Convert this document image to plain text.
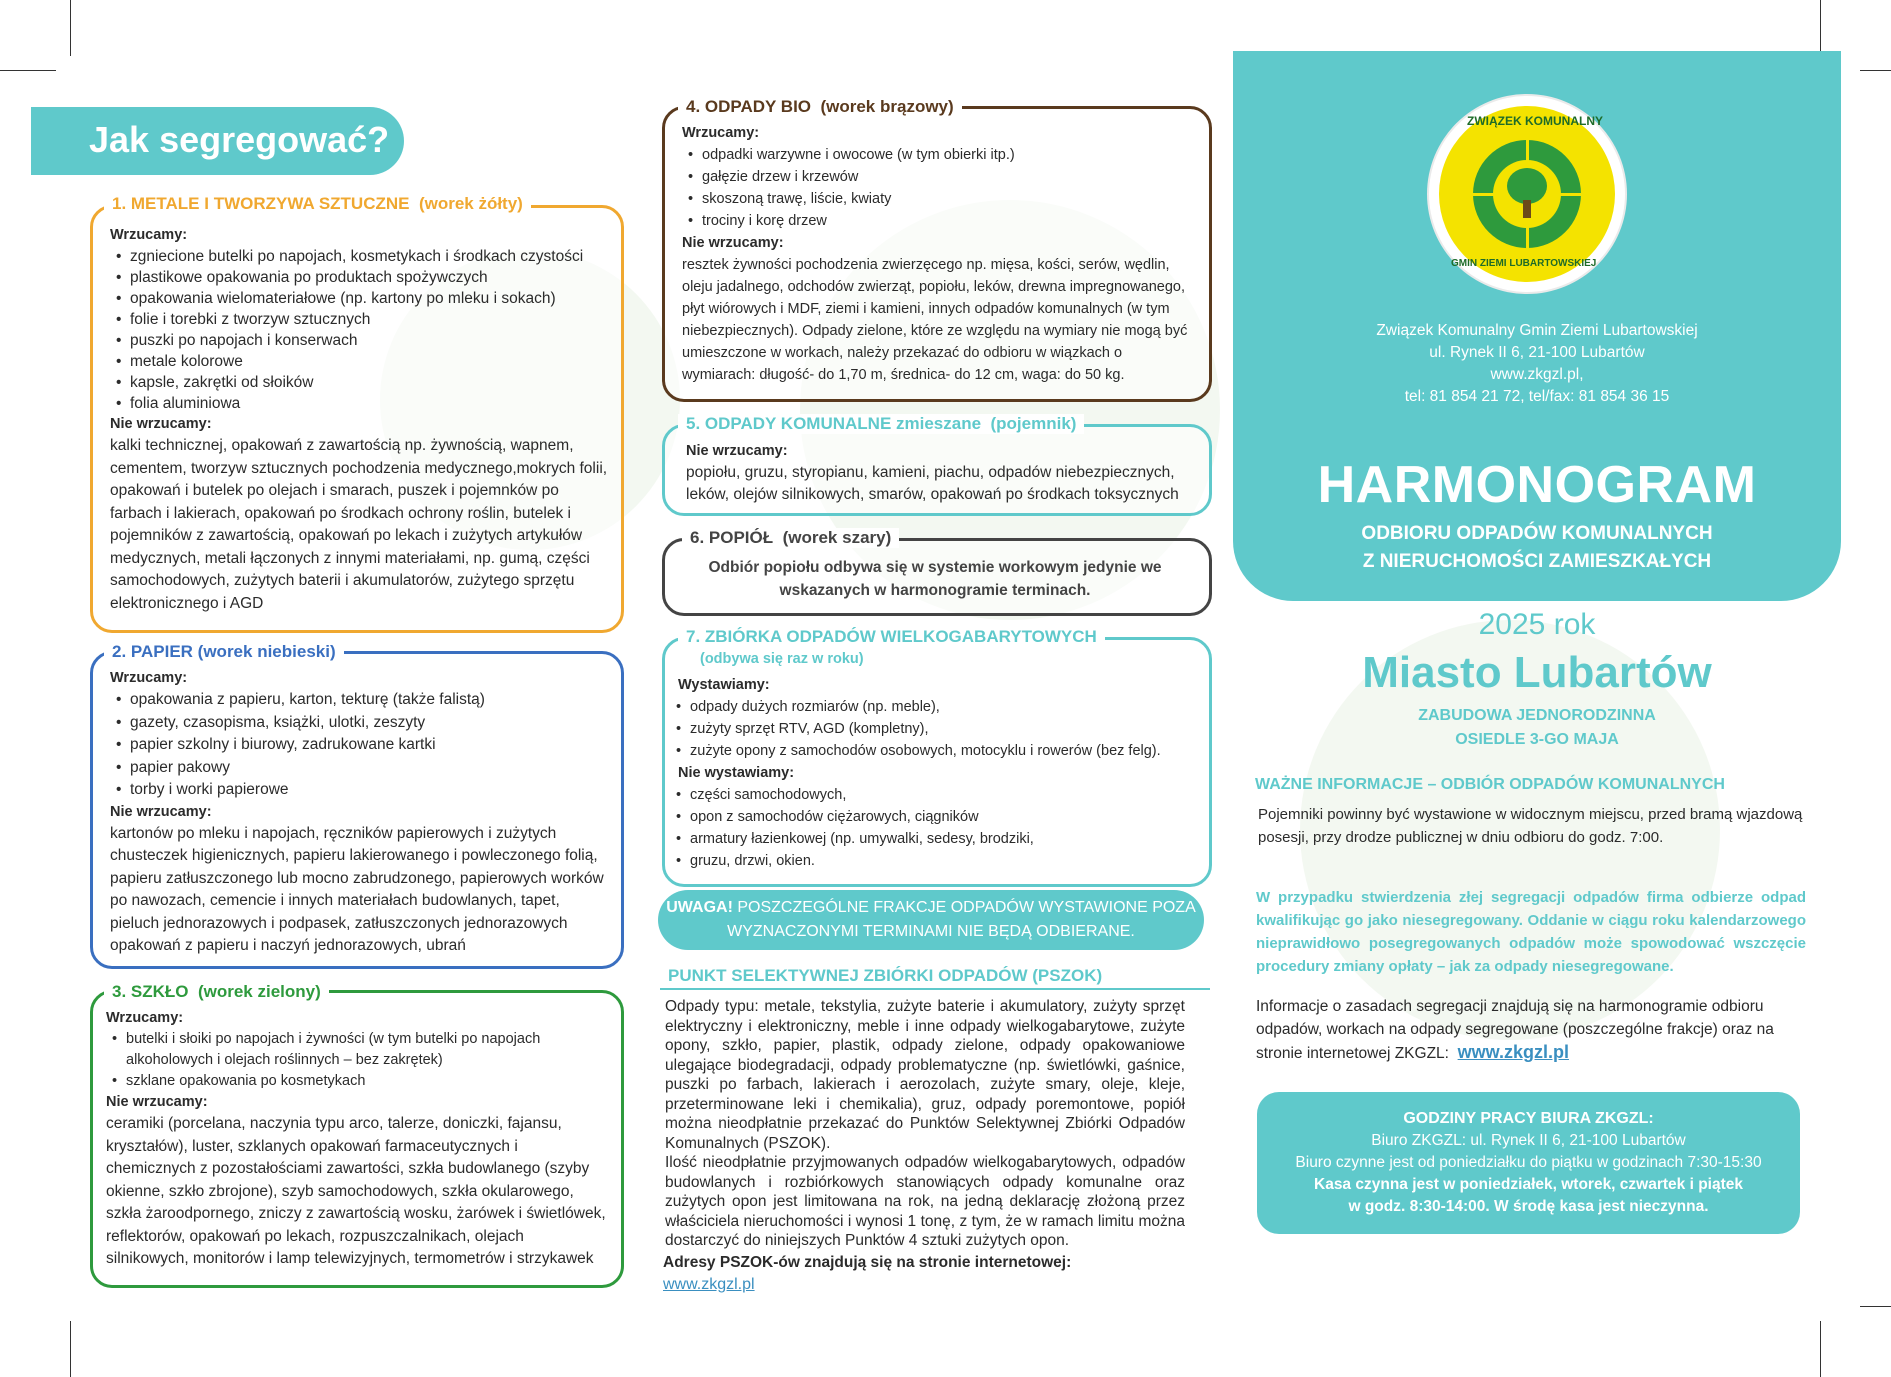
Jak segregować?
1. METALE I TWORZYWA SZTUCZNE (worek żółty)
Wrzucamy:
• zgniecione butelki po napojach, kosmetykach i środkach czystości
• plastikowe opakowania po produktach spożywczych
• opakowania wielomateriałowe (np. kartony po mleku i sokach)
• folie i torebki z tworzyw sztucznych
• puszki po napojach i konserwach
• metale kolorowe
• kapsle, zakrętki od słoików
• folia aluminiowa
Nie wrzucamy:

kalki technicznej, opakowań z zawartością np. żywnością, wapnem, cementem, tworzyw sztucznych pochodzenia medycznego,mokrych folii, opakowań i butelek po olejach i smarach, puszek i pojemnków po farbach i lakierach, opakowań po środkach ochrony roślin, butelek i pojemników z zawartością, opakowań po lekach i zużytych artykułów medycznych, metali łączonych z innymi materiałami, np. gumą, części samochodowych, zużytych baterii i akumulatorów, zużytego sprzętu elektronicznego i AGD

2. PAPIER (worek niebieski)
Wrzucamy:
• opakowania z papieru, karton, tekturę (także falistą)
• gazety, czasopisma, książki, ulotki, zeszyty
• papier szkolny i biurowy, zadrukowane kartki
• papier pakowy
• torby i worki papierowe
Nie wrzucamy:

kartonów po mleku i napojach, ręczników papierowych i zużytych chusteczek higienicznych, papieru lakierowanego i powleczonego folią, papieru zatłuszczonego lub mocno zabrudzonego, papierowych worków po nawozach, cemencie i innych materiałach budowlanych, tapet, pieluch jednorazowych i podpasek, zatłuszczonych jednorazowych opakowań z papieru i naczyń jednorazowych, ubrań

3. SZKŁO (worek zielony)
Wrzucamy:
• butelki i słoiki po napojach i żywności (w tym butelki po napojach alkoholowych i olejach roślinnych – bez zakrętek)
• szklane opakowania po kosmetykach
Nie wrzucamy:

ceramiki (porcelana, naczynia typu arco, talerze, doniczki, fajansu, kryształów), luster, szklanych opakowań farmaceutycznych i chemicznych z pozostałościami zawartości, szkła budowlanego (szyby okienne, szkło zbrojone), szyb samochodowych, szkła okularowego, szkła żaroodpornego, zniczy z zawartością wosku, żarówek i świetlówek, reflektorów, opakowań po lekach, rozpuszczalnikach, olejach silnikowych, monitorów i lamp telewizyjnych, termometrów i strzykawek

4. ODPADY BIO (worek brązowy)
Wrzucamy:
• odpadki warzywne i owocowe (w tym obierki itp.)
• gałęzie drzew i krzewów
• skoszoną trawę, liście, kwiaty
• trociny i korę drzew
Nie wrzucamy:

resztek żywności pochodzenia zwierzęcego np. mięsa, kości, serów, wędlin, oleju jadalnego, odchodów zwierząt, popiołu, leków, drewna impregnowanego, płyt wiórowych i MDF, ziemi i kamieni, innych odpadów komunalnych (w tym niebezpiecznych). Odpady zielone, które ze względu na wymiary nie mogą być umieszczone w workach, należy przekazać do odbioru w wiązkach o wymiarach: długość- do 1,70 m, średnica- do 12 cm, waga: do 50 kg.

5. ODPADY KOMUNALNE zmieszane (pojemnik)
Nie wrzucamy:

popiołu, gruzu, styropianu, kamieni, piachu, odpadów niebezpiecznych, leków, olejów silnikowych, smarów, opakowań po środkach toksycznych

6. POPIÓŁ (worek szary)

Odbiór popiołu odbywa się w systemie workowym jedynie we wskazanych w harmonogramie terminach.

7. ZBIÓRKA ODPADÓW WIELKOGABARYTOWYCH
(odbywa się raz w roku)
Wystawiamy:
• odpady dużych rozmiarów (np. meble),
• zużyty sprzęt RTV, AGD (kompletny),
• zużyte opony z samochodów osobowych, motocyklu i rowerów (bez felg).
Nie wystawiamy:
• części samochodowych,
• opon z samochodów ciężarowych, ciągników
• armatury łazienkowej (np. umywalki, sedesy, brodziki,
• gruzu, drzwi, okien.
UWAGA! POSZCZEGÓLNE FRAKCJE ODPADÓW WYSTAWIONE POZA WYZNACZONYMI TERMINAMI NIE BĘDĄ ODBIERANE.
PUNKT SELEKTYWNEJ ZBIÓRKI ODPADÓW (PSZOK)
Odpady typu: metale, tekstylia, zużyte baterie i akumulatory, zużyty sprzęt elektryczny i elektroniczny, meble i inne odpady wielkogabarytowe, zużyte opony, szkło, papier, plastik, odpady zielone, odpady opakowaniowe ulegające biodegradacji, odpady problematyczne (np. świetlówki, gaśnice, puszki po farbach, lakierach i aerozolach, zużyte smary, oleje, kleje, przeterminowane leki i chemikalia), gruz, odpady poremontowe, popiół można nieodpłatnie przekazać do Punktów Selektywnej Zbiórki Odpadów Komunalnych (PSZOK).
Ilość nieodpłatnie przyjmowanych odpadów wielkogabarytowych, odpadów budowlanych i rozbiórkowych stanowiących odpady komunalne oraz zużytych opon jest limitowana na rok, na jedną deklarację złożoną przez właściciela nieruchomości i wynosi 1 tonę, z tym, że w ramach limitu można dostarczyć do niniejszych Punktów 4 sztuki zużytych opon.
Adresy PSZOK-ów znajdują się na stronie internetowej:
www.zkgzl.pl
ZWIĄZEK KOMUNALNY
GMIN ZIEMI LUBARTOWSKIEJ
Związek Komunalny Gmin Ziemi Lubartowskiej
ul. Rynek II 6, 21-100 Lubartów
www.zkgzl.pl,
tel: 81 854 21 72, tel/fax: 81 854 36 15
HARMONOGRAM
ODBIORU ODPADÓW KOMUNALNYCH
Z NIERUCHOMOŚCI ZAMIESZKAŁYCH
2025 rok
Miasto Lubartów
ZABUDOWA JEDNORODZINNA
OSIEDLE 3-GO MAJA
WAŻNE INFORMACJE – ODBIÓR ODPADÓW KOMUNALNYCH
Pojemniki powinny być wystawione w widocznym miejscu, przed bramą wjazdową posesji, przy drodze publicznej w dniu odbioru do godz. 7:00.
W przypadku stwierdzenia złej segregacji odpadów firma odbierze odpad kwalifikując go jako niesegregowany. Oddanie w ciągu roku kalendarzowego nieprawidłowo posegregowanych odpadów może spowodować wszczęcie procedury zmiany opłaty – jak za odpady niesegregowane.
Informacje o zasadach segregacji znajdują się na harmonogramie odbioru odpadów, workach na odpady segregowane (poszczególne frakcje) oraz na stronie internetowej ZKGZL: www.zkgzl.pl
GODZINY PRACY BIURA ZKGZL:
Biuro ZKGZL: ul. Rynek II 6, 21-100 Lubartów
Biuro czynne jest od poniedziałku do piątku w godzinach 7:30-15:30
Kasa czynna jest w poniedziałek, wtorek, czwartek i piątek
w godz. 8:30-14:00. W środę kasa jest nieczynna.
